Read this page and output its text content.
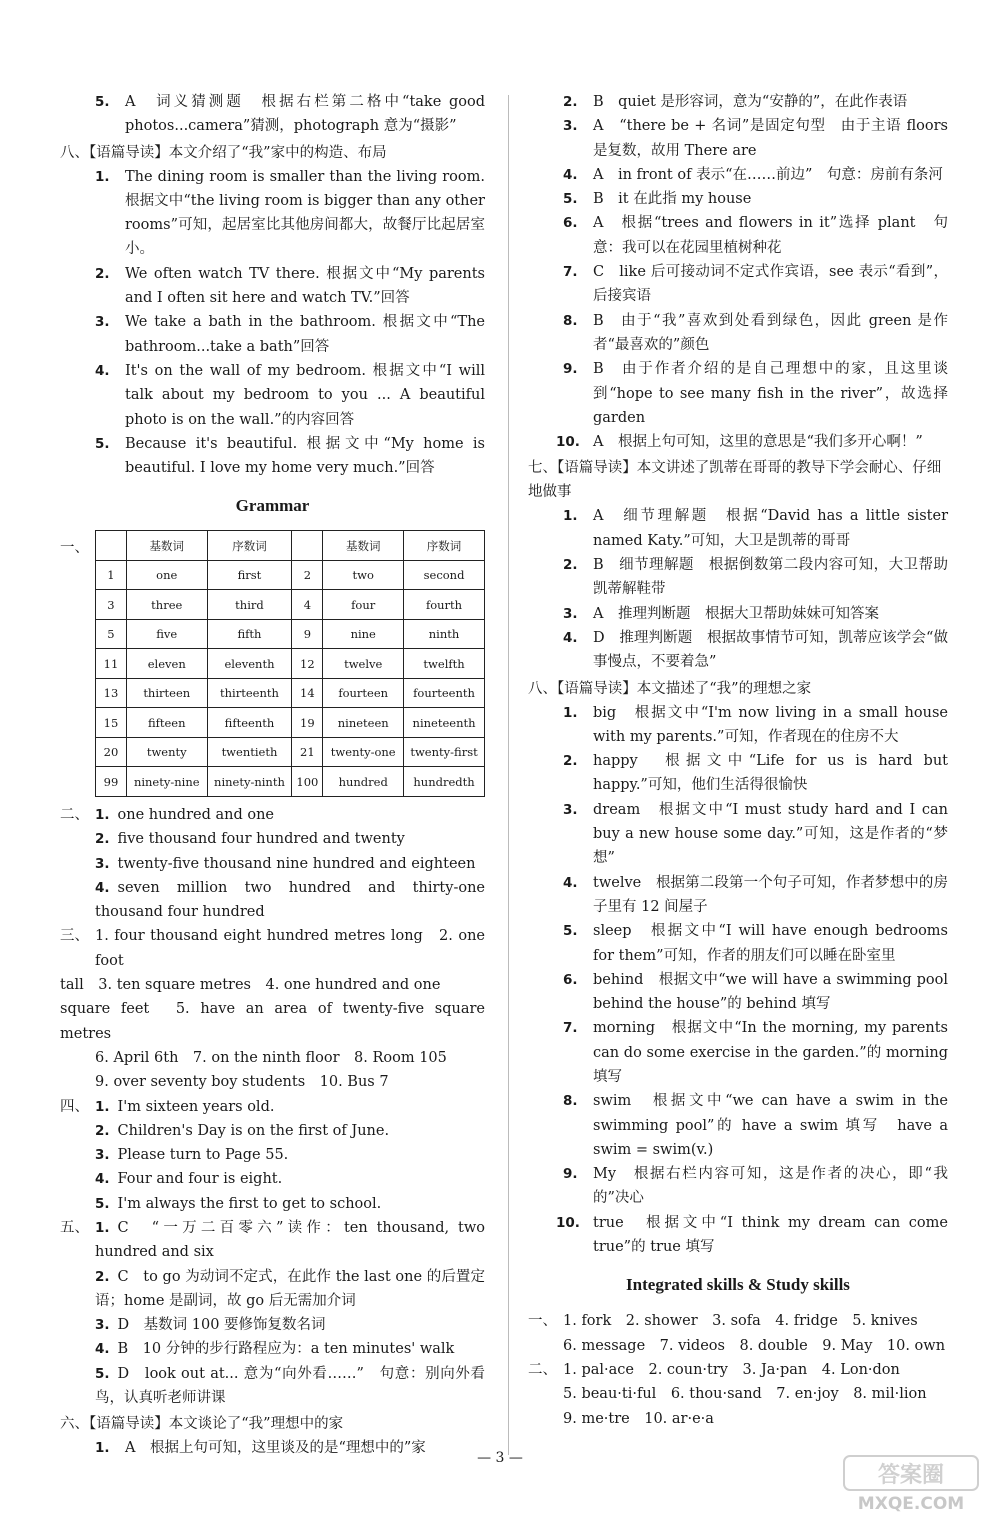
5. A　词义猜测题　根据右栏第二格中“take good photos...camera”猜测，photograph 意为“摄影”
八、【语篇导读】本文介绍了“我”家中的构造、布局
1. The dining room is smaller than the living room. 根据文中“the living room is bigger than any other rooms”可知，起居室比其他房间都大，故餐厅比起居室小。
2. We often watch TV there. 根据文中“My parents and I often sit here and watch TV.”回答
3. We take a bath in the bathroom. 根据文中“The bathroom...take a bath”回答
4. It's on the wall of my bedroom. 根据文中“I will talk about my bedroom to you ... A beautiful photo is on the wall.”的内容回答
5. Because it's beautiful. 根据文中“My home is beautiful. I love my home very much.”回答
Grammar
一、
		基数词	序数词		基数词	序数词
1	one	first	2	two	second
3	three	third	4	four	fourth
5	five	fifth	9	nine	ninth
11	eleven	eleventh	12	twelve	twelfth
13	thirteen	thirteenth	14	fourteen	fourteenth
15	fifteen	fifteenth	19	nineteen	nineteenth
20	twenty	twentieth	21	twenty-one	twenty-first
99	ninety-nine	ninety-ninth	100	hundred	hundredth
二、 1. one hundred and one
2. five thousand four hundred and twenty
3. twenty-five thousand nine hundred and eighteen
4. seven million two hundred and thirty-one thousand four hundred
三、 1. four thousand eight hundred metres long　2. one foot
tall　3. ten square metres　4. one hundred and one
square feet　5. have an area of twenty-five square metres
6. April 6th　7. on the ninth floor　8. Room 105
9. over seventy boy students　10. Bus 7
四、 1. I'm sixteen years old.
2. Children's Day is on the first of June.
3. Please turn to Page 55.
4. Four and four is eight.
5. I'm always the first to get to school.
五、 1. C　“一万二百零六”读作：ten thousand, two hundred and six
2. C　to go 为动词不定式，在此作 the last one 的后置定语；home 是副词，故 go 后无需加介词
3. D　基数词 100 要修饰复数名词
4. B　10 分钟的步行路程应为：a ten minutes' walk
5. D　look out at... 意为“向外看……”　句意：别向外看鸟，认真听老师讲课
六、【语篇导读】本文谈论了“我”理想中的家
1. A　根据上句可知，这里谈及的是“理想中的”家
2. B　quiet 是形容词，意为“安静的”，在此作表语
3. A　“there be + 名词”是固定句型　由于主语 floors 是复数，故用 There are
4. A　in front of 表示“在……前边”　句意：房前有条河
5. B　it 在此指 my house
6. A　根据“trees and flowers in it”选择 plant　句意：我可以在花园里植树种花
7. C　like 后可接动词不定式作宾语，see 表示“看到”，后接宾语
8. B　由于“我”喜欢到处看到绿色，因此 green 是作者“最喜欢的”颜色
9. B　由于作者介绍的是自己理想中的家，且这里谈到“hope to see many fish in the river”，故选择 garden
10. A　根据上句可知，这里的意思是“我们多开心啊！”
七、【语篇导读】本文讲述了凯蒂在哥哥的教导下学会耐心、仔细地做事
1. A　细节理解题　根据“David has a little sister named Katy.”可知，大卫是凯蒂的哥哥
2. B　细节理解题　根据倒数第二段内容可知，大卫帮助凯蒂解鞋带
3. A　推理判断题　根据大卫帮助妹妹可知答案
4. D　推理判断题　根据故事情节可知，凯蒂应该学会“做事慢点，不要着急”
八、【语篇导读】本文描述了“我”的理想之家
1. big　根据文中“I'm now living in a small house with my parents.”可知，作者现在的住房不大
2. happy　根据文中“Life for us is hard but happy.”可知，他们生活得很愉快
3. dream　根据文中“I must study hard and I can buy a new house some day.”可知，这是作者的“梦想”
4. twelve　根据第二段第一个句子可知，作者梦想中的房子里有 12 间屋子
5. sleep　根据文中“I will have enough bedrooms for them”可知，作者的朋友们可以睡在卧室里
6. behind　根据文中“we will have a swimming pool behind the house”的 behind 填写
7. morning　根据文中“In the morning, my parents can do some exercise in the garden.”的 morning 填写
8. swim　根据文中“we can have a swim in the swimming pool”的 have a swim 填写　have a swim = swim(v.)
9. My　根据右栏内容可知，这是作者的决心，即“我的”决心
10. true　根据文中“I think my dream can come true”的 true 填写
Integrated skills & Study skills
一、 1. fork　2. shower　3. sofa　4. fridge　5. knives
6. message　7. videos　8. double　9. May　10. own
二、 1. pal·ace　2. coun·try　3. Ja·pan　4. Lon·don
5. beau·ti·ful　6. thou·sand　7. en·joy　8. mil·lion
9. me·tre　10. ar·e·a
— 3 —
答案圈
MXQE.COM
